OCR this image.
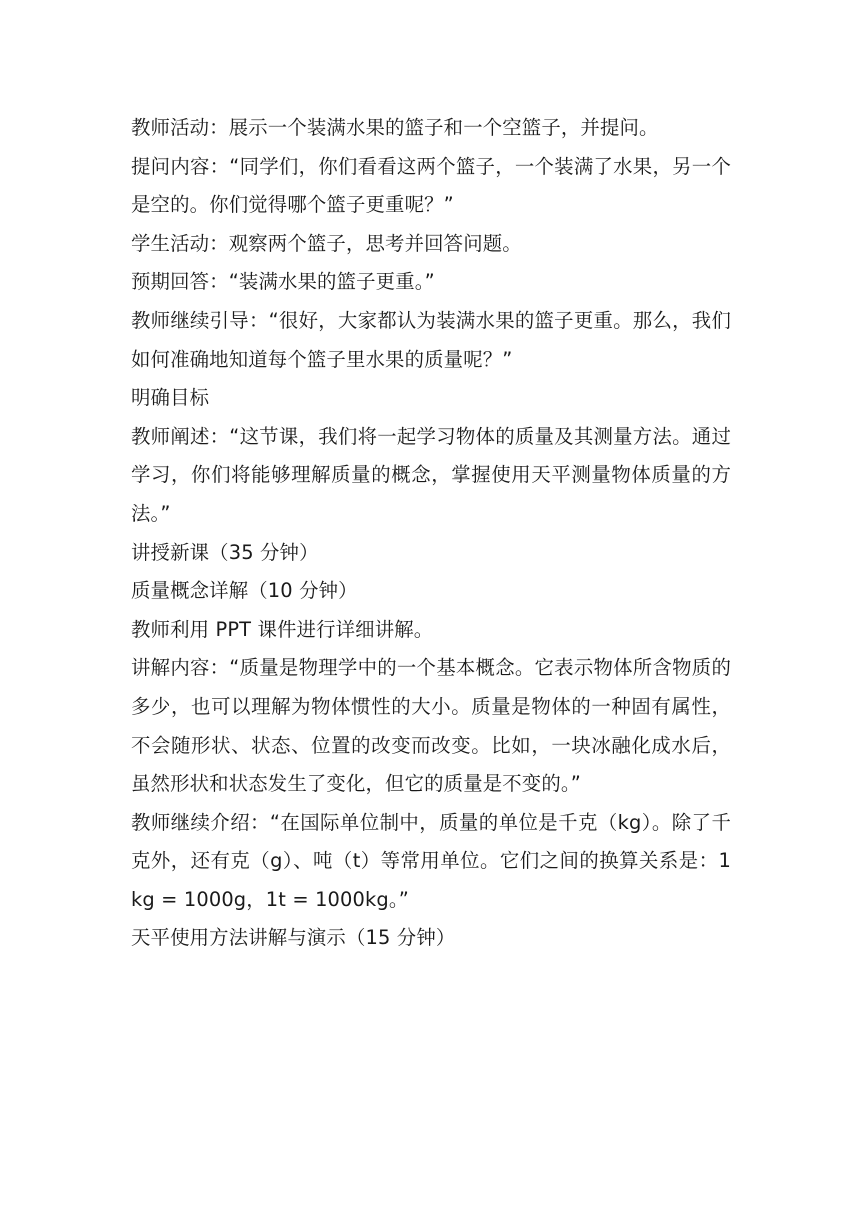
教师活动：展示一个装满水果的篮子和一个空篮子，并提问。

提问内容：“同学们，你们看看这两个篮子，一个装满了水果，另一个是空的。你们觉得哪个篮子更重呢？”

学生活动：观察两个篮子，思考并回答问题。

预期回答：“装满水果的篮子更重。”

教师继续引导：“很好，大家都认为装满水果的篮子更重。那么，我们如何准确地知道每个篮子里水果的质量呢？”

明确目标

教师阐述：“这节课，我们将一起学习物体的质量及其测量方法。通过学习，你们将能够理解质量的概念，掌握使用天平测量物体质量的方法。”

讲授新课（35 分钟）

质量概念详解（10 分钟）

教师利用 PPT 课件进行详细讲解。

讲解内容：“质量是物理学中的一个基本概念。它表示物体所含物质的多少，也可以理解为物体惯性的大小。质量是物体的一种固有属性，不会随形状、状态、位置的改变而改变。比如，一块冰融化成水后，虽然形状和状态发生了变化，但它的质量是不变的。”

教师继续介绍：“在国际单位制中，质量的单位是千克（kg）。除了千克外，还有克（g）、吨（t）等常用单位。它们之间的换算关系是：1kg = 1000g，1t = 1000kg。”

天平使用方法讲解与演示（15 分钟）
